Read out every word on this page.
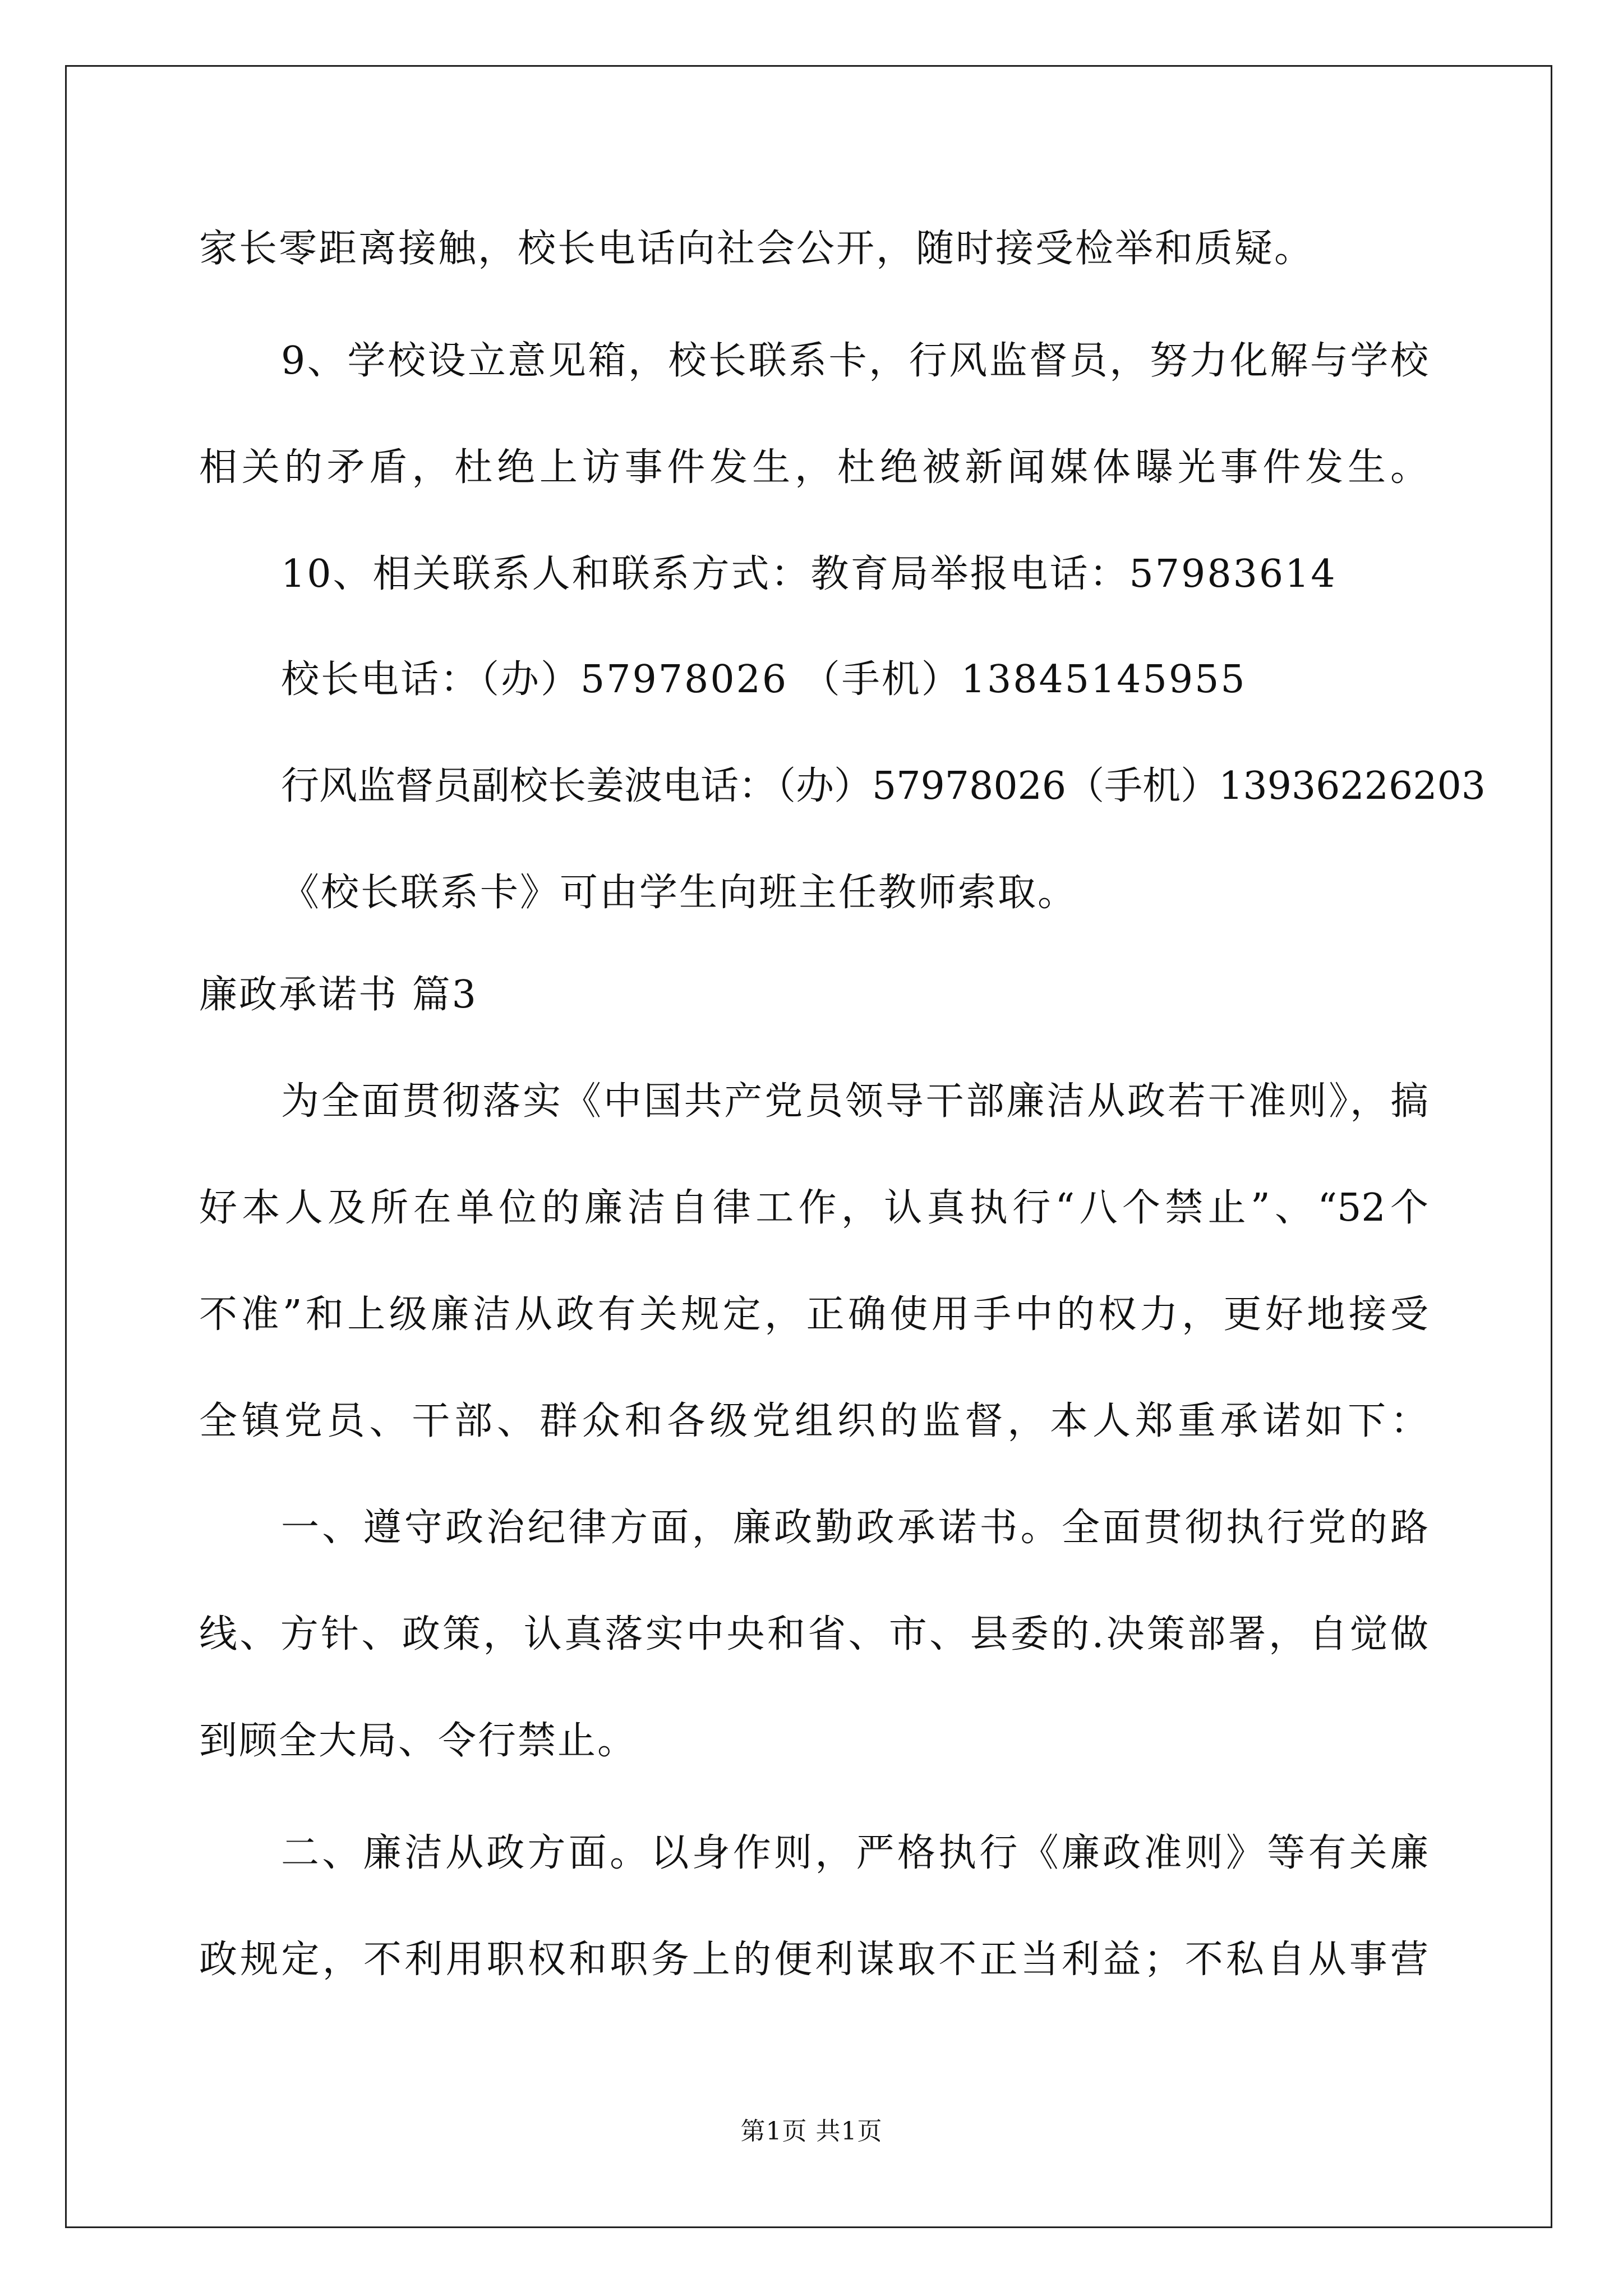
家长零距离接触，校长电话向社会公开，随时接受检举和质疑。
9、学校设立意见箱，校长联系卡，行风监督员，努力化解与学校
相关的矛盾，杜绝上访事件发生，杜绝被新闻媒体曝光事件发生。
10、相关联系人和联系方式：教育局举报电话：57983614
校长电话：（办）57978026 （手机）13845145955
行风监督员副校长姜波电话：（办）57978026（手机）13936226203
《校长联系卡》可由学生向班主任教师索取。
廉政承诺书 篇3
为全面贯彻落实《中国共产党员领导干部廉洁从政若干准则》，搞
好本人及所在单位的廉洁自律工作，认真执行“八个禁止”、“52个
不准”和上级廉洁从政有关规定，正确使用手中的权力，更好地接受
全镇党员、干部、群众和各级党组织的监督，本人郑重承诺如下：
一、遵守政治纪律方面，廉政勤政承诺书。全面贯彻执行党的路
线、方针、政策，认真落实中央和省、市、县委的.决策部署，自觉做
到顾全大局、令行禁止。
二、廉洁从政方面。以身作则，严格执行《廉政准则》等有关廉
政规定，不利用职权和职务上的便利谋取不正当利益；不私自从事营
第1页 共1页
